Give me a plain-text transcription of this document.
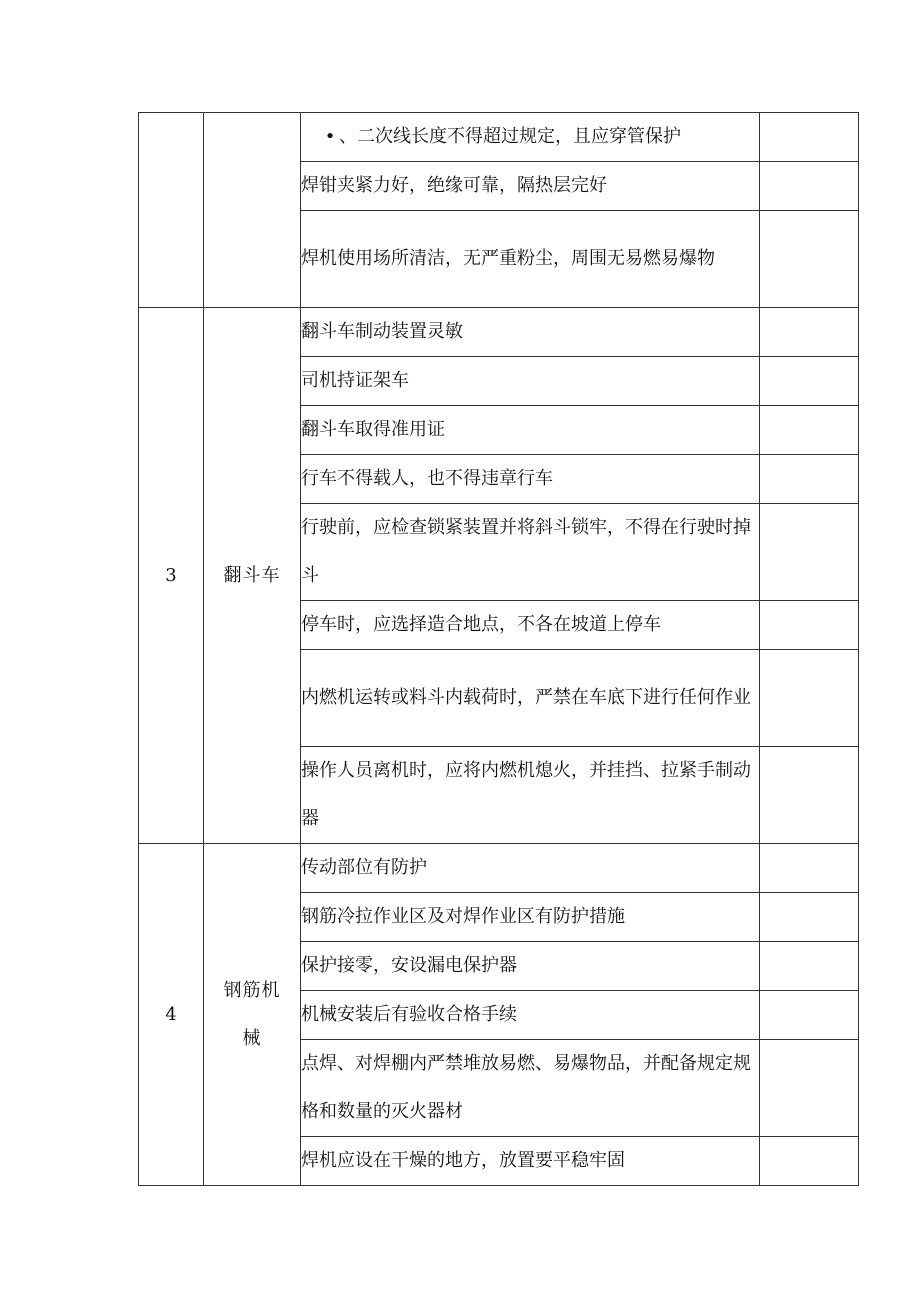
		• 、二次线长度不得超过规定，且应穿管保护	
		焊钳夹紧力好，绝缘可靠，隔热层完好	
		焊机使用场所清洁，无严重粉尘，周围无易燃易爆物	
3	翻斗车	翻斗车制动装置灵敏	
		司机持证架车	
		翻斗车取得准用证	
		行车不得载人，也不得违章行车	
		行驶前，应检查锁紧装置并将斜斗锁牢，不得在行驶时掉斗	
		停车时，应选择造合地点，不各在坡道上停车	
		内燃机运转或料斗内载荷时，严禁在车底下进行任何作业	
		操作人员离机时，应将内燃机熄火，并挂挡、拉紧手制动器	
4	钢筋机械	传动部位有防护	
		钢筋冷拉作业区及对焊作业区有防护措施	
		保护接零，安设漏电保护器	
		机械安装后有验收合格手续	
		点焊、对焊棚内严禁堆放易燃、易爆物品，并配备规定规格和数量的灭火器材	
		焊机应设在干燥的地方，放置要平稳牢固	
